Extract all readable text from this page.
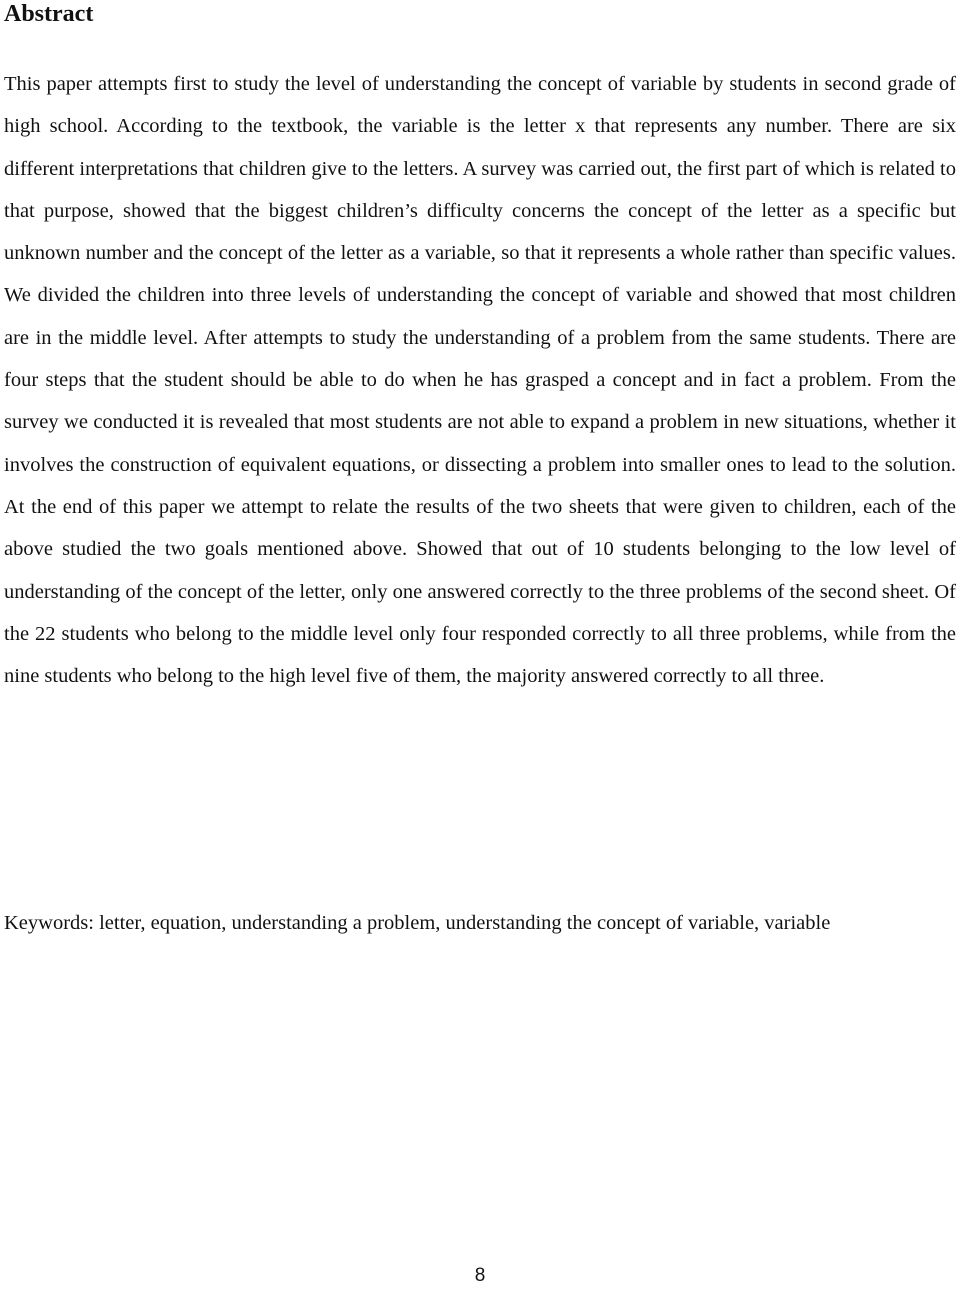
Abstract

This paper attempts first to study the level of understanding the concept of variable by students in second grade of high school. According to the textbook, the variable is the letter x that represents any number. There are six different interpretations that children give to the letters. A survey was carried out, the first part of which is related to that purpose, showed that the biggest children’s difficulty concerns the concept of the letter as a specific but unknown number and the concept of the letter as a variable, so that it represents a whole rather than specific values. We divided the children into three levels of understanding the concept of variable and showed that most children are in the middle level. After attempts to study the understanding of a problem from the same students. There are four steps that the student should be able to do when he has grasped a concept and in fact a problem. From the survey we conducted it is revealed that most students are not able to expand a problem in new situations, whether it involves the construction of equivalent equations, or dissecting a problem into smaller ones to lead to the solution. At the end of this paper we attempt to relate the results of the two sheets that were given to children, each of the above studied the two goals mentioned above. Showed that out of 10 students belonging to the low level of understanding of the concept of the letter, only one answered correctly to the three problems of the second sheet. Of the 22 students who belong to the middle level only four responded correctly to all three problems, while from the nine students who belong to the high level five of them, the majority answered correctly to all three.

Keywords: letter, equation, understanding a problem, understanding the concept of variable, variable

8
